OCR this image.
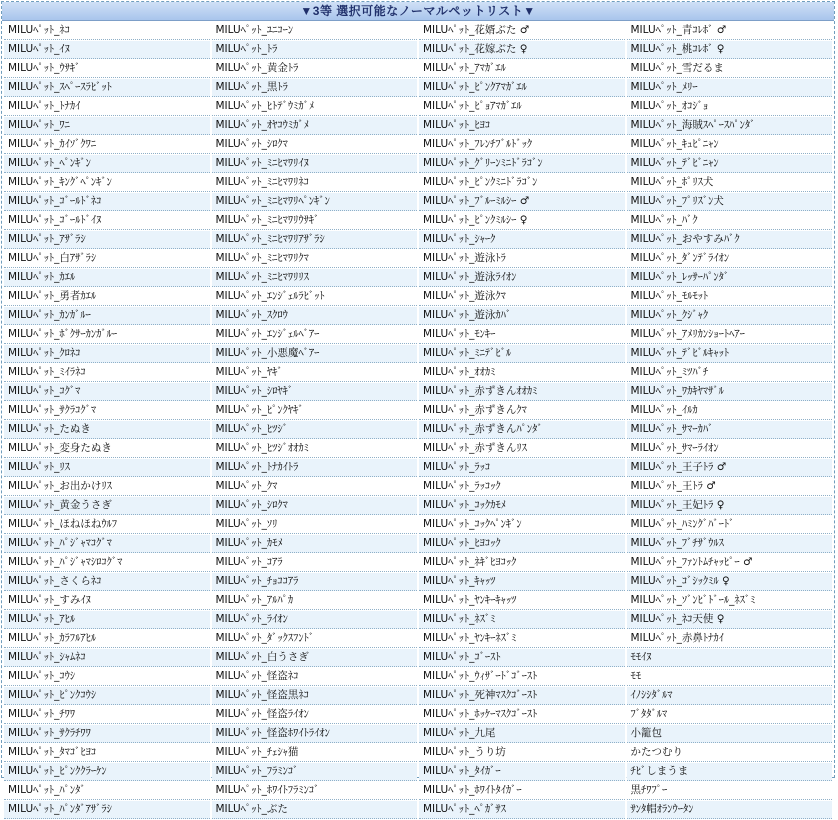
▼3等 選択可能なノーマルペットリスト▼
MILUﾍﾟｯﾄ_ﾈｺ	MILUﾍﾟｯﾄ_ﾕﾆｺｰﾝ	MILUﾍﾟｯﾄ_花婿ぶた ♂	MILUﾍﾟｯﾄ_青ｺﾚﾎﾞ ♂
MILUﾍﾟｯﾄ_ｲﾇ	MILUﾍﾟｯﾄ_ﾄﾗ	MILUﾍﾟｯﾄ_花嫁ぶた ♀	MILUﾍﾟｯﾄ_桃ｺﾚﾎﾞ ♀
MILUﾍﾟｯﾄ_ｳｻｷﾞ	MILUﾍﾟｯﾄ_黄金ﾄﾗ	MILUﾍﾟｯﾄ_ｱﾏｶﾞｴﾙ	MILUﾍﾟｯﾄ_雪だるま
MILUﾍﾟｯﾄ_ｽﾍﾟｰｽﾗﾋﾞｯﾄ	MILUﾍﾟｯﾄ_黒ﾄﾗ	MILUﾍﾟｯﾄ_ﾋﾟﾝｸｱﾏｶﾞｴﾙ	MILUﾍﾟｯﾄ_ﾒﾘｰ
MILUﾍﾟｯﾄ_ﾄﾅｶｲ	MILUﾍﾟｯﾄ_ﾋﾄﾃﾞｳﾐｶﾞﾒ	MILUﾍﾟｯﾄ_ﾋﾟｮｱﾏｶﾞｴﾙ	MILUﾍﾟｯﾄ_ｵｺｼﾞｮ
MILUﾍﾟｯﾄ_ﾜﾆ	MILUﾍﾟｯﾄ_ｵﾔｺｳﾐｶﾞﾒ	MILUﾍﾟｯﾄ_ﾋﾖｺ	MILUﾍﾟｯﾄ_海賊ｽﾍﾟｰｽﾊﾟﾝﾀﾞ
MILUﾍﾟｯﾄ_ｶｲｿﾞｸﾜﾆ	MILUﾍﾟｯﾄ_ｼﾛｸﾏ	MILUﾍﾟｯﾄ_ﾌﾚﾝﾁﾌﾞﾙﾄﾞｯｸ	MILUﾍﾟｯﾄ_ｷｭﾋﾟﾆｬﾝ
MILUﾍﾟｯﾄ_ﾍﾟﾝｷﾞﾝ	MILUﾍﾟｯﾄ_ﾐﾆﾋﾏﾜﾘｲﾇ	MILUﾍﾟｯﾄ_ｸﾞﾘｰﾝﾐﾆﾄﾞﾗｺﾞﾝ	MILUﾍﾟｯﾄ_ﾃﾞﾋﾞﾆｬﾝ
MILUﾍﾟｯﾄ_ｷﾝｸﾞﾍﾟﾝｷﾞﾝ	MILUﾍﾟｯﾄ_ﾐﾆﾋﾏﾜﾘﾈｺ	MILUﾍﾟｯﾄ_ﾋﾟﾝｸﾐﾆﾄﾞﾗｺﾞﾝ	MILUﾍﾟｯﾄ_ﾎﾟﾘｽ犬
MILUﾍﾟｯﾄ_ｺﾞｰﾙﾄﾞﾈｺ	MILUﾍﾟｯﾄ_ﾐﾆﾋﾏﾜﾘﾍﾟﾝｷﾞﾝ	MILUﾍﾟｯﾄ_ﾌﾞﾙｰﾐﾙｼｰ ♂	MILUﾍﾟｯﾄ_ﾌﾟﾘｽﾞﾝ犬
MILUﾍﾟｯﾄ_ｺﾞｰﾙﾄﾞｲﾇ	MILUﾍﾟｯﾄ_ﾐﾆﾋﾏﾜﾘｳｻｷﾞ	MILUﾍﾟｯﾄ_ﾋﾟﾝｸﾐﾙｼｰ ♀	MILUﾍﾟｯﾄ_ﾊﾞｸ
MILUﾍﾟｯﾄ_ｱｻﾞﾗｼ	MILUﾍﾟｯﾄ_ﾐﾆﾋﾏﾜﾘｱｻﾞﾗｼ	MILUﾍﾟｯﾄ_ｼｬｰｸ	MILUﾍﾟｯﾄ_おやすみﾊﾞｸ
MILUﾍﾟｯﾄ_白ｱｻﾞﾗｼ	MILUﾍﾟｯﾄ_ﾐﾆﾋﾏﾜﾘｸﾏ	MILUﾍﾟｯﾄ_遊泳ﾄﾗ	MILUﾍﾟｯﾄ_ﾀﾞﾝﾃﾞﾗｲｵﾝ
MILUﾍﾟｯﾄ_ｶｴﾙ	MILUﾍﾟｯﾄ_ﾐﾆﾋﾏﾜﾘﾘｽ	MILUﾍﾟｯﾄ_遊泳ﾗｲｵﾝ	MILUﾍﾟｯﾄ_ﾚｯｻｰﾊﾟﾝﾀﾞ
MILUﾍﾟｯﾄ_勇者ｶｴﾙ	MILUﾍﾟｯﾄ_ｴﾝｼﾞｪﾙﾗﾋﾞｯﾄ	MILUﾍﾟｯﾄ_遊泳ｸﾏ	MILUﾍﾟｯﾄ_ﾓﾙﾓｯﾄ
MILUﾍﾟｯﾄ_ｶﾝｶﾞﾙｰ	MILUﾍﾟｯﾄ_ｽｸﾛｳ	MILUﾍﾟｯﾄ_遊泳ｶﾊﾞ	MILUﾍﾟｯﾄ_ｸｼﾞｬｸ
MILUﾍﾟｯﾄ_ﾎﾞｸｻｰｶﾝｶﾞﾙｰ	MILUﾍﾟｯﾄ_ｴﾝｼﾞｪﾙﾍﾞｱｰ	MILUﾍﾟｯﾄ_ﾓﾝｷｰ	MILUﾍﾟｯﾄ_ｱﾒﾘｶﾝｼｮｰﾄﾍｱｰ
MILUﾍﾟｯﾄ_ｸﾛﾈｺ	MILUﾍﾟｯﾄ_小悪魔ﾍﾞｱｰ	MILUﾍﾟｯﾄ_ﾐﾆﾃﾞﾋﾞﾙ	MILUﾍﾟｯﾄ_ﾃﾞﾋﾞﾙｷｬｯﾄ
MILUﾍﾟｯﾄ_ﾐｲﾗﾈｺ	MILUﾍﾟｯﾄ_ﾔｷﾞ	MILUﾍﾟｯﾄ_ｵｵｶﾐ	MILUﾍﾟｯﾄ_ﾐﾂﾊﾞﾁ
MILUﾍﾟｯﾄ_ｺｸﾞﾏ	MILUﾍﾟｯﾄ_ｼﾛﾔｷﾞ	MILUﾍﾟｯﾄ_赤ずきんｵｵｶﾐ	MILUﾍﾟｯﾄ_ﾜｶｷﾔﾏｻﾞﾙ
MILUﾍﾟｯﾄ_ｻｸﾗｺｸﾞﾏ	MILUﾍﾟｯﾄ_ﾋﾟﾝｸﾔｷﾞ	MILUﾍﾟｯﾄ_赤ずきんｸﾏ	MILUﾍﾟｯﾄ_ｲﾙｶ
MILUﾍﾟｯﾄ_たぬき	MILUﾍﾟｯﾄ_ﾋﾂｼﾞ	MILUﾍﾟｯﾄ_赤ずきんﾊﾟﾝﾀﾞ	MILUﾍﾟｯﾄ_ｻﾏｰｶﾊﾞ
MILUﾍﾟｯﾄ_変身たぬき	MILUﾍﾟｯﾄ_ﾋﾂｼﾞｵｵｶﾐ	MILUﾍﾟｯﾄ_赤ずきんﾘｽ	MILUﾍﾟｯﾄ_ｻﾏｰﾗｲｵﾝ
MILUﾍﾟｯﾄ_ﾘｽ	MILUﾍﾟｯﾄ_ﾄﾅｶｲﾄﾗ	MILUﾍﾟｯﾄ_ﾗｯｺ	MILUﾍﾟｯﾄ_王子ﾄﾗ ♂
MILUﾍﾟｯﾄ_お出かけﾘｽ	MILUﾍﾟｯﾄ_ｸﾏ	MILUﾍﾟｯﾄ_ﾗｯｺｯｸ	MILUﾍﾟｯﾄ_王ﾄﾗ ♂
MILUﾍﾟｯﾄ_黄金うさぎ	MILUﾍﾟｯﾄ_ｼﾛｸﾏ	MILUﾍﾟｯﾄ_ｺｯｸｶﾓﾒ	MILUﾍﾟｯﾄ_王妃ﾄﾗ ♀
MILUﾍﾟｯﾄ_ほねほねｳﾙﾌ	MILUﾍﾟｯﾄ_ｿﾘ	MILUﾍﾟｯﾄ_ｺｯｸﾍﾟﾝｷﾞﾝ	MILUﾍﾟｯﾄ_ﾊﾐﾝｸﾞﾊﾞｰﾄﾞ
MILUﾍﾟｯﾄ_ﾊﾟｼﾞｬﾏｺｸﾞﾏ	MILUﾍﾟｯﾄ_ｶﾓﾒ	MILUﾍﾟｯﾄ_ﾋﾖｺｯｸ	MILUﾍﾟｯﾄ_ﾌﾞﾁｻﾞｳﾙｽ
MILUﾍﾟｯﾄ_ﾊﾟｼﾞｬﾏｼﾛｺｸﾞﾏ	MILUﾍﾟｯﾄ_ｺｱﾗ	MILUﾍﾟｯﾄ_ﾈｷﾞﾋﾖｺｯｸ	MILUﾍﾟｯﾄ_ﾌｧﾝﾄﾑﾁｬｯﾋﾟｰ ♂
MILUﾍﾟｯﾄ_さくらﾈｺ	MILUﾍﾟｯﾄ_ﾁｮｺｺｱﾗ	MILUﾍﾟｯﾄ_ｷｬｯﾂ	MILUﾍﾟｯﾄ_ｺﾞｼｯｸﾐﾙ ♀
MILUﾍﾟｯﾄ_すみｲﾇ	MILUﾍﾟｯﾄ_ｱﾙﾊﾟｶ	MILUﾍﾟｯﾄ_ﾔﾝｷｰｷｬｯﾂ	MILUﾍﾟｯﾄ_ｿﾞﾝﾋﾞﾄﾞｰﾙ_ﾈｽﾞﾐ
MILUﾍﾟｯﾄ_ｱﾋﾙ	MILUﾍﾟｯﾄ_ﾗｲｵﾝ	MILUﾍﾟｯﾄ_ﾈｽﾞﾐ	MILUﾍﾟｯﾄ_ﾈｺ天使 ♀
MILUﾍﾟｯﾄ_ｶﾗﾌﾙｱﾋﾙ	MILUﾍﾟｯﾄ_ﾀﾞｯｸｽﾌﾝﾄﾞ	MILUﾍﾟｯﾄ_ﾔﾝｷｰﾈｽﾞﾐ	MILUﾍﾟｯﾄ_赤鼻ﾄﾅｶｲ
MILUﾍﾟｯﾄ_ｼｬﾑﾈｺ	MILUﾍﾟｯﾄ_白うさぎ	MILUﾍﾟｯﾄ_ｺﾞｰｽﾄ	ﾓﾓｲﾇ
MILUﾍﾟｯﾄ_ｺｳｼ	MILUﾍﾟｯﾄ_怪盗ﾈｺ	MILUﾍﾟｯﾄ_ｳｨｻﾞｰﾄﾞｺﾞｰｽﾄ	ﾓﾓ
MILUﾍﾟｯﾄ_ﾋﾟﾝｸｺｳｼ	MILUﾍﾟｯﾄ_怪盗黒ﾈｺ	MILUﾍﾟｯﾄ_死神ﾏｽｸｺﾞｰｽﾄ	ｲﾉｼｼﾀﾞﾙﾏ
MILUﾍﾟｯﾄ_ﾁﾜﾜ	MILUﾍﾟｯﾄ_怪盗ﾗｲｵﾝ	MILUﾍﾟｯﾄ_ﾎｯｹｰﾏｽｸｺﾞｰｽﾄ	ﾌﾞﾀﾀﾞﾙﾏ
MILUﾍﾟｯﾄ_ｻｸﾗﾁﾜﾜ	MILUﾍﾟｯﾄ_怪盗ﾎﾜｲﾄﾗｲｵﾝ	MILUﾍﾟｯﾄ_九尾	小籠包
MILUﾍﾟｯﾄ_ﾀﾏｺﾞﾋﾖｺ	MILUﾍﾟｯﾄ_ﾁｪｼｬ猫	MILUﾍﾟｯﾄ_うり坊	かたつむり
MILUﾍﾟｯﾄ_ﾋﾟﾝｸｸﾗｰｹﾝ	MILUﾍﾟｯﾄ_ﾌﾗﾐﾝｺﾞ	MILUﾍﾟｯﾄ_ﾀｲｶﾞｰ	ﾁﾋﾞしまうま
MILUﾍﾟｯﾄ_ﾊﾟﾝﾀﾞ	MILUﾍﾟｯﾄ_ﾎﾜｲﾄﾌﾗﾐﾝｺﾞ	MILUﾍﾟｯﾄ_ﾎﾜｲﾄﾀｲｶﾞｰ	黒ﾁﾜﾌﾟｰ
MILUﾍﾟｯﾄ_ﾊﾟﾝﾀﾞｱｻﾞﾗｼ	MILUﾍﾟｯﾄ_ぶた	MILUﾍﾟｯﾄ_ﾍﾟｶﾞｻｽ	ｻﾝﾀ帽ｵﾗﾝｳｰﾀﾝ
